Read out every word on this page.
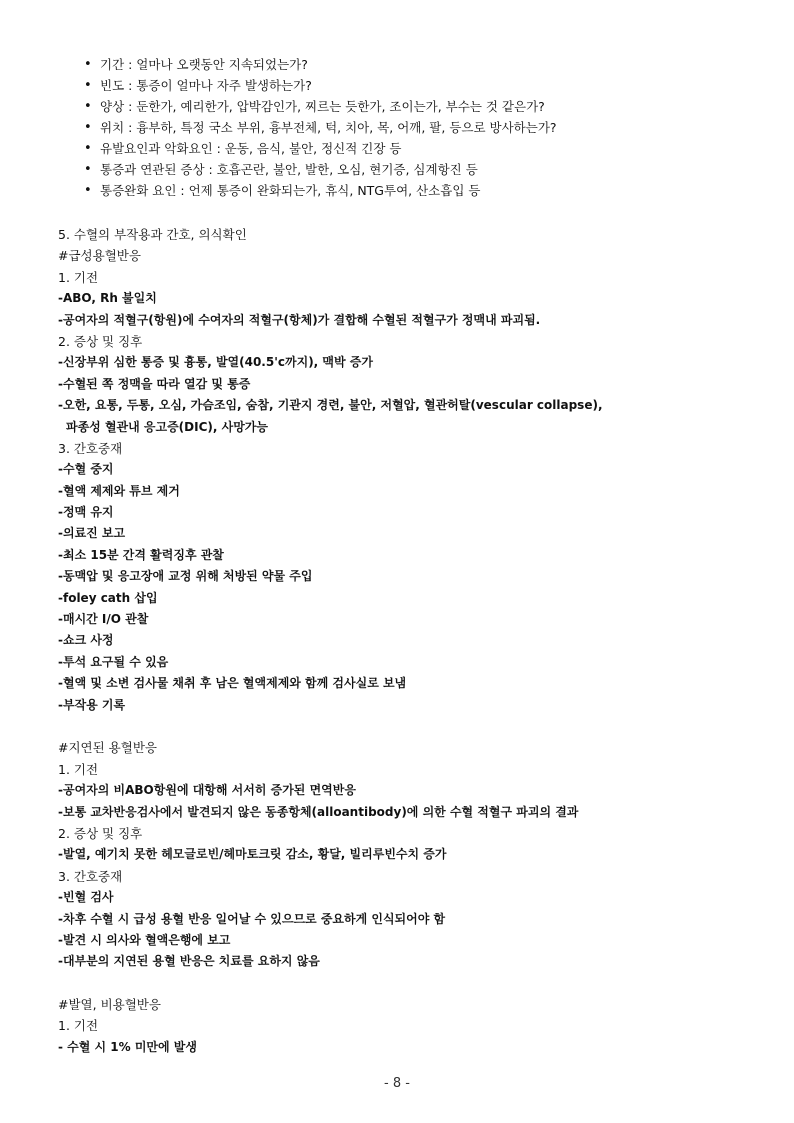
• 기간 : 얼마나 오랫동안 지속되었는가?
• 빈도 : 통증이 얼마나 자주 발생하는가?
• 양상 : 둔한가, 예리한가, 압박감인가, 찌르는 듯한가, 조이는가, 부수는 것 같은가?
• 위치 : 흉부하, 특정 국소 부위, 흉부전체, 턱, 치아, 목, 어깨, 팔, 등으로 방사하는가?
• 유발요인과 악화요인 : 운동, 음식, 불안, 정신적 긴장 등
• 통증과 연관된 증상 : 호흡곤란, 불안, 발한, 오심, 현기증, 심계항진 등
• 통증완화 요인 : 언제 통증이 완화되는가, 휴식, NTG투여, 산소흡입 등
5. 수혈의 부작용과 간호, 의식확인
#급성용혈반응
1. 기전
-ABO, Rh 불일치
-공여자의 적혈구(항원)에 수여자의 적혈구(항체)가 결합해 수혈된 적혈구가 정맥내 파괴됨.
2. 증상 및 징후
-신장부위 심한 통증 및 흉통, 발열(40.5'c까지), 맥박 증가
-수혈된 쪽 정맥을 따라 열감 및 통증
-오한, 요통, 두통, 오심, 가슴조임, 숨참, 기관지 경련, 불안, 저혈압, 혈관허탈(vescular collapse),
파종성 혈관내 응고증(DIC), 사망가능
3. 간호중재
-수혈 중지
-혈액 제제와 튜브 제거
-정맥 유지
-의료진 보고
-최소 15분 간격 활력징후 관찰
-동맥압 및 응고장애 교정 위해 처방된 약물 주입
-foley cath 삽입
-매시간 I/O 관찰
-쇼크 사정
-투석 요구될 수 있음
-혈액 및 소변 검사물 채취 후 남은 혈액제제와 함께 검사실로 보냄
-부작용 기록
#지연된 용혈반응
1. 기전
-공여자의 비ABO항원에 대항해 서서히 증가된 면역반응
-보통 교차반응검사에서 발견되지 않은 동종항체(alloantibody)에 의한 수혈 적혈구 파괴의 결과
2. 증상 및 징후
-발열, 예기치 못한 헤모글로빈/헤마토크릿 감소, 황달, 빌리루빈수치 증가
3. 간호중재
-빈혈 검사
-차후 수혈 시 급성 용혈 반응 일어날 수 있으므로 중요하게 인식되어야 함
-발견 시 의사와 혈액은행에 보고
-대부분의 지연된 용혈 반응은 치료를 요하지 않음
#발열, 비용혈반응
1. 기전
- 수혈 시 1% 미만에 발생
- 8 -
